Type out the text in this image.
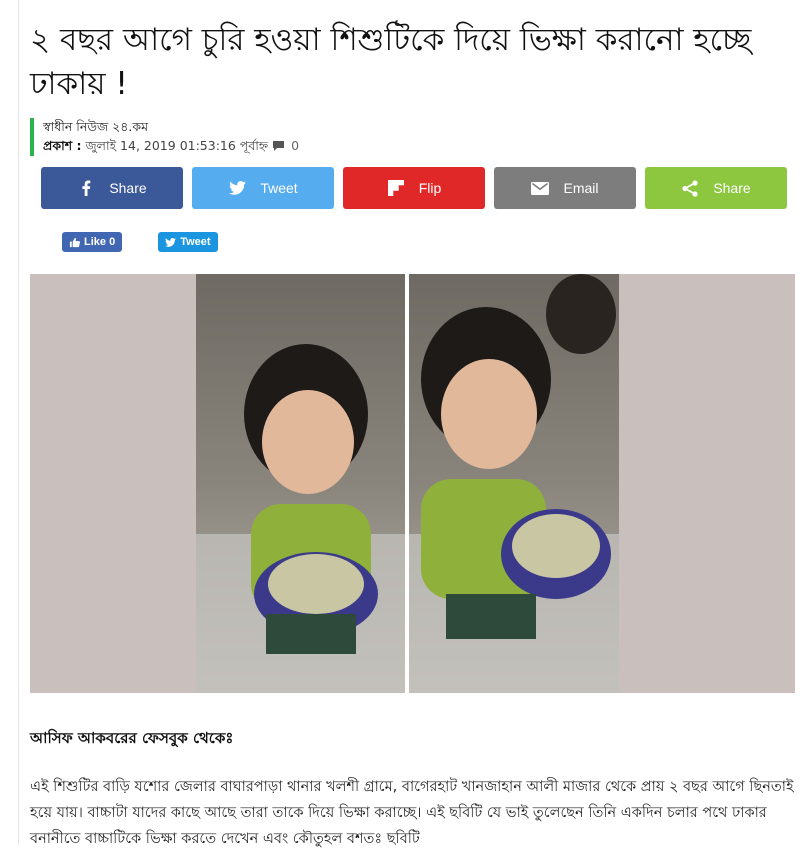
২ বছর আগে চুরি হওয়া শিশুটিকে দিয়ে ভিক্ষা করানো হচ্ছে ঢাকায় !
স্বাধীন নিউজ ২৪.কম
প্রকাশ : জুলাই 14, 2019 01:53:16 পূর্বাহ্ন 0
Share	Tweet	Flip	Email	Share
Like 0	Tweet
আসিফ আকবরের ফেসবুক থেকেঃ
এই শিশুটির বাড়ি যশোর জেলার বাঘারপাড়া থানার খলশী গ্রামে, বাগেরহাট খানজাহান আলী মাজার থেকে প্রায় ২ বছর আগে ছিনতাই হয়ে যায়। বাচ্চাটা যাদের কাছে আছে তারা তাকে দিয়ে ভিক্ষা করাচ্ছে। এই ছবিটি যে ভাই তুলেছেন তিনি একদিন চলার পথে ঢাকার বনানীতে বাচ্চাটিকে ভিক্ষা করতে দেখেন এবং কৌতুহল বশতঃ ছবিটি
